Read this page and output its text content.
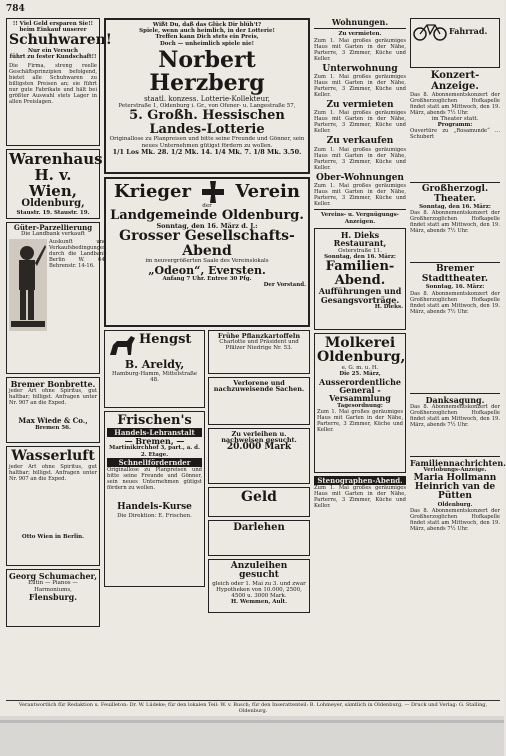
784
!! Viel Geld ersparen Sie!!
beim Einkauf unserer
Schuhwaren!
Nur ein Versuch
führt zu fester Kundschaft!!
Die Firma, streng reelle Geschäftsprinzipien befolgend, bietet alle Schuhwaren zu billigsten Preisen an; sie führt nur gute Fabrikate und hält bei größter Auswahl stets Lager in allen Preislagen.
Warenhaus
H. v. Wien,
Oldenburg,
Staustr. 19. Staustr. 19.
Güter-Parzellierung
Die Landbank verkauft
Auskunft und Verkaufsbedingungen durch die Landbank Berlin W. 64, Behrenstr. 14-16.
Bremer Bonbrette.
jeder Art ohne Spiritus, gut haltbar; billigst. Anfragen unter Nr. 907 an die Exped.
Max Wiede & Co.,
Bremen 56.
Wasserluft
jeder Art ohne Spiritus, gut haltbar; billigst. Anfragen unter Nr. 907 an die Exped.
Otto Wien in Berlin.
Georg Schumacher,
Eutin — Pianos — Harmoniums,
Flensburg.
Wißt Du, daß das Glück Dir blüh't?
Spiele, wenn auch heimlich, in der Lotterie!
Treffen kann Dich stets ein Preis,
Doch — unheimlich spiele nie!
Norbert Herzberg
staatl. konzess. Lotterie-Kollekteur,
Peterstraße 1, Oldenburg i. Gr., von Ofener- u. Langestraße 57,
5. Großh. Hessischen
Landes-Lotterie
Originallose zu Planpreisen und bitte seine Freunde und Gönner, sein neues Unternehmen gütigst fördern zu wollen.
1/1 Los Mk. 28. 1/2 Mk. 14. 1/4 Mk. 7. 1/8 Mk. 3.50.
Krieger Verein
der
Landgemeinde Oldenburg.
Sonntag, den 16. März d. J.:
Grosser Gesellschafts-Abend
im neuvergrößerten Saale des Vereinslokals
„Odeon“, Eversten.
Anfang 7 Uhr. Entree 30 Pfg.
Der Vorstand.
Hengst
B. Areldy,
Hamburg-Hamm, Mittelstraße 48.
Frischen's
Handels-Lehranstalt
— Bremen, —
Martinikirchhof 3, part., a. d. 2. Etage.
Schnellfördernder
Originallose zu Planpreisen und bitte seine Freunde und Gönner, sein neues Unternehmen gütigst fördern zu wollen.
Handels-Kurse
Die Direktion: E. Frischen.
Frühe Pflanzkartoffeln
Charlotte und Präsident und Pfälzer Niedrige Nr. 53.
Verlorene und nachzuweisende Sachen.
Zu verleihen u. nachweisen gesucht.
20.000 Mark
Geld
Darlehen
Anzuleihen gesucht
gleich oder 1. Mai zu 3. und zwar Hypotheken von 10.000, 2500, 4500 u. 3000 Mark.
H. Wemmen, Ault.
Wohnungen.
Zu vermieten.
Zum 1. Mai großes geräumiges Haus mit Garten in der Nähe, Parterre, 3 Zimmer, Küche und Keller.
Unterwohnung
Zum 1. Mai großes geräumiges Haus mit Garten in der Nähe, Parterre, 3 Zimmer, Küche und Keller.
Zu vermieten
Zum 1. Mai großes geräumiges Haus mit Garten in der Nähe, Parterre, 3 Zimmer, Küche und Keller.
Zu verkaufen
Zum 1. Mai großes geräumiges Haus mit Garten in der Nähe, Parterre, 3 Zimmer, Küche und Keller.
Ober-Wohnungen
Zum 1. Mai großes geräumiges Haus mit Garten in der Nähe, Parterre, 3 Zimmer, Küche und Keller.
Vereins- u. Vergnügungs-Anzeigen.
H. Dieks Restaurant,
Osterstraße 11.
Sonntag, den 16. März:
Familien-Abend.
Aufführungen und Gesangsvorträge.
H. Dieks.
Molkerei Oldenburg,
e. G. m. u. H.
Die 25. März,
Ausserordentliche General - Versammlung
Tagesordnung:
Zum 1. Mai großes geräumiges Haus mit Garten in der Nähe, Parterre, 3 Zimmer, Küche und Keller.
Stenographen-Abend.
Zum 1. Mai großes geräumiges Haus mit Garten in der Nähe, Parterre, 3 Zimmer, Küche und Keller.
Fahrrad.
Konzert-Anzeige.
Das 8. Abonnementskonzert der Großherzoglichen Hofkapelle findet statt am Mittwoch, den 19. März, abends 7½ Uhr.
im Theater statt.
Programm:
Ouvertüre zu „Rosamunde“ ... Schubert
Großherzogl. Theater.
Sonntag, den 16. März:
Das 8. Abonnementskonzert der Großherzoglichen Hofkapelle findet statt am Mittwoch, den 19. März, abends 7½ Uhr.
Bremer Stadttheater.
Sonntag, 16. März:
Das 8. Abonnementskonzert der Großherzoglichen Hofkapelle findet statt am Mittwoch, den 19. März, abends 7½ Uhr.
Danksagung.
Das 8. Abonnementskonzert der Großherzoglichen Hofkapelle findet statt am Mittwoch, den 19. März, abends 7½ Uhr.
Familiennachrichten.
Verlobungs-Anzeige.
Maria Hollmann
Heinrich van de Pütten
Oldenburg.
Das 8. Abonnementskonzert der Großherzoglichen Hofkapelle findet statt am Mittwoch, den 19. März, abends 7½ Uhr.
Verantwortlich für Redaktion u. Feuilleton: Dr. W. Lüdeke; für den lokalen Teil: W. v. Busch; für den Inserattenteil: B. Lohmeyer, sämtlich in Oldenburg. — Druck und Verlag: G. Stalling, Oldenburg.
